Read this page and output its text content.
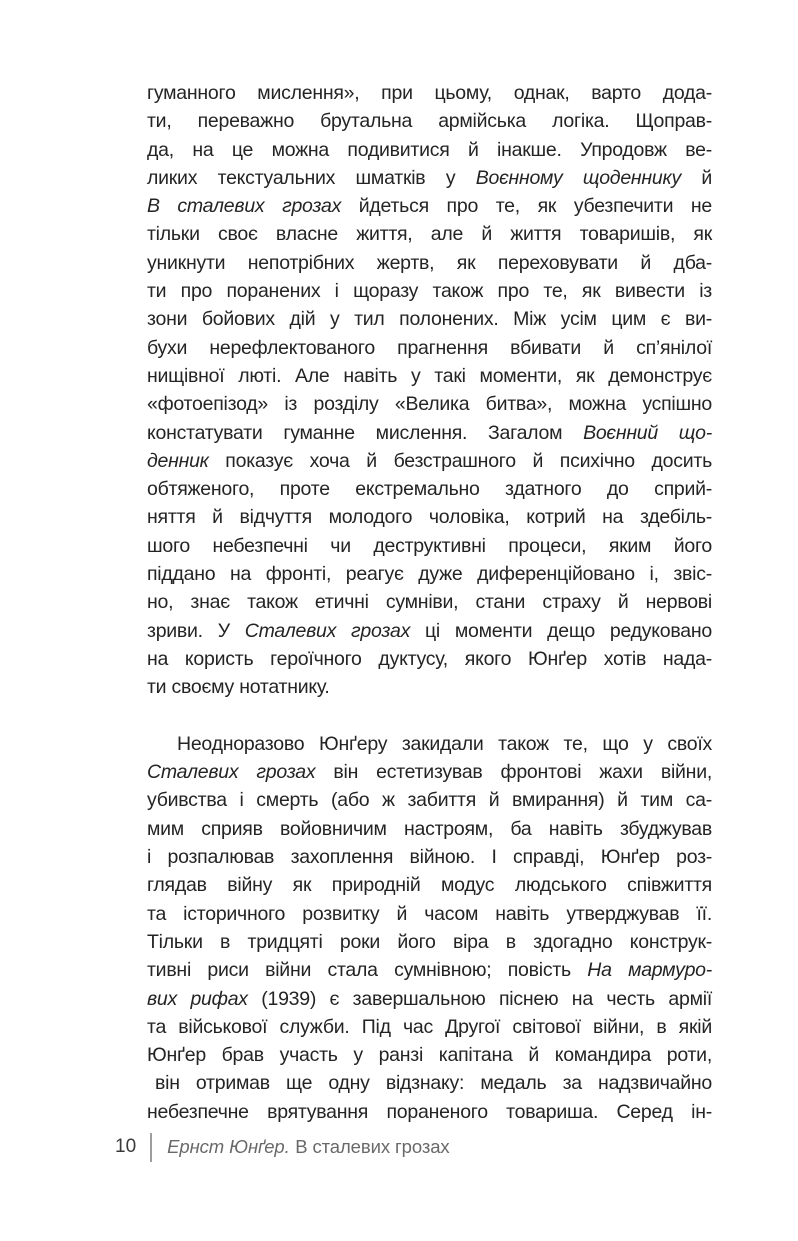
гуманного мислення», при цьому, однак, варто дода-
ти, переважно брутальна армійська логіка. Щоправ-
да, на це можна подивитися й інакше. Упродовж ве-
ликих текстуальних шматків у Воєнному щоденнику й
В сталевих грозах йдеться про те, як убезпечити не
тільки своє власне життя, але й життя товаришів, як
уникнути непотрібних жертв, як переховувати й дба-
ти про поранених і щоразу також про те, як вивести із
зони бойових дій у тил полонених. Між усім цим є ви-
бухи нерефлектованого прагнення вбивати й сп’янілої
нищівної люті. Але навіть у такі моменти, як демонструє
«фотоепізод» із розділу «Велика битва», можна успішно
констатувати гуманне мислення. Загалом Воєнний що-
денник показує хоча й безстрашного й психічно досить
обтяженого, проте екстремально здатного до сприй-
няття й відчуття молодого чоловіка, котрий на здебіль-
шого небезпечні чи деструктивні процеси, яким його
піддано на фронті, реагує дуже диференційовано і, звіс-
но, знає також етичні сумніви, стани страху й нервові
зриви. У Сталевих грозах ці моменти дещо редуковано
на користь героїчного дуктусу, якого Юнґер хотів нада-
ти своєму нотатнику.
Неодноразово Юнґеру закидали також те, що у своїх
Сталевих грозах він естетизував фронтові жахи війни,
убивства і смерть (або ж забиття й вмирання) й тим са-
мим сприяв войовничим настроям, ба навіть збуджував
і розпалював захоплення війною. І справді, Юнґер роз-
глядав війну як природній модус людського співжиття
та історичного розвитку й часом навіть утверджував її.
Тільки в тридцяті роки його віра в здогадно конструк-
тивні риси війни стала сумнівною; повість На мармуро-
вих рифах (1939) є завершальною піснею на честь армії
та військової служби. Під час Другої світової війни, в якій
Юнґер брав участь у ранзі капітана й командира роти,
він отримав ще одну відзнаку: медаль за надзвичайно
небезпечне врятування пораненого товариша. Серед ін-
10 Ернст Юнґер. В сталевих грозах
